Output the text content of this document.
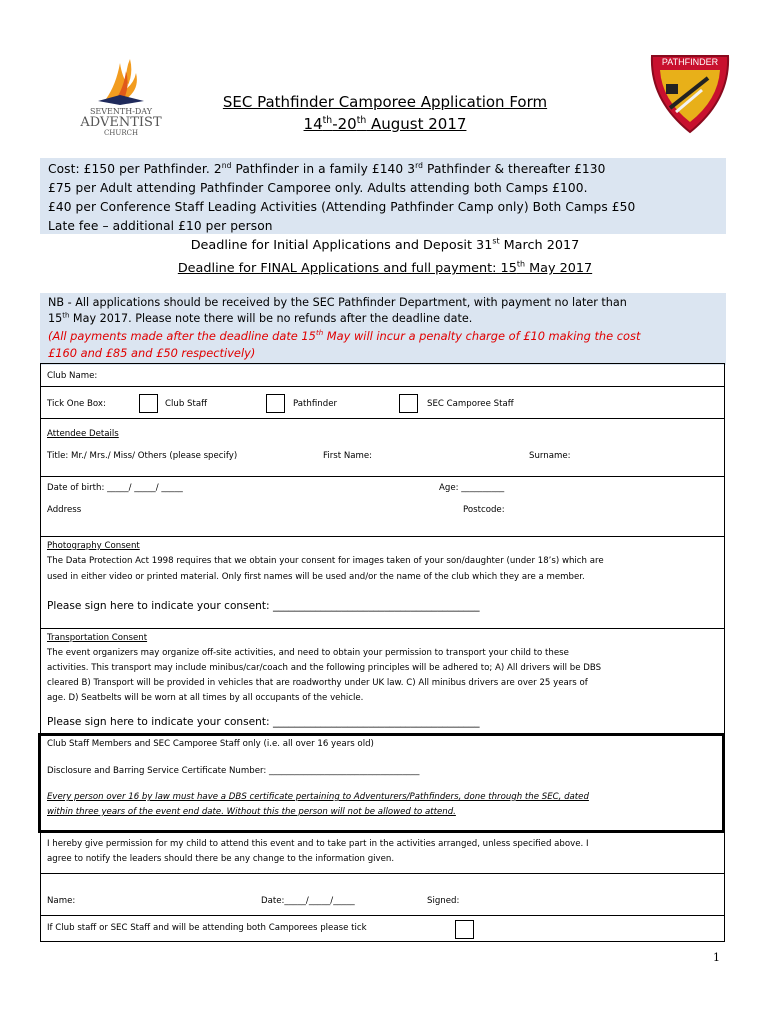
SEVENTH-DAY
ADVENTIST
CHURCH
PATHFINDER
SEC Pathfinder Camporee Application Form
14th-20th August 2017
Cost: £150 per Pathfinder. 2nd Pathfinder in a family £140 3rd Pathfinder & thereafter £130
£75 per Adult attending Pathfinder Camporee only. Adults attending both Camps £100.
£40 per Conference Staff Leading Activities (Attending Pathfinder Camp only) Both Camps £50
Late fee – additional £10 per person
Deadline for Initial Applications and Deposit 31st March 2017
Deadline for FINAL Applications and full payment: 15th May 2017
NB - All applications should be received by the SEC Pathfinder Department, with payment no later than
15th May 2017. Please note there will be no refunds after the deadline date.
(All payments made after the deadline date 15th May will incur a penalty charge of £10 making the cost
£160 and £85 and £50 respectively)
Club Name:
Tick One Box:	Club Staff	Pathfinder	SEC Camporee Staff
Attendee Details
Title: Mr./ Mrs./ Miss/ Others (please specify)	First Name:	Surname:
Date of birth: _____/ _____/ _____	Age: __________
Address	Postcode:
Photography Consent
The Data Protection Act 1998 requires that we obtain your consent for images taken of your son/daughter (under 18’s) which are
used in either video or printed material. Only first names will be used and/or the name of the club which they are a member.
Please sign here to indicate your consent: _______________________________________
Transportation Consent
The event organizers may organize off-site activities, and need to obtain your permission to transport your child to these
activities. This transport may include minibus/car/coach and the following principles will be adhered to; A) All drivers will be DBS
cleared B) Transport will be provided in vehicles that are roadworthy under UK law. C) All minibus drivers are over 25 years of
age. D) Seatbelts will be worn at all times by all occupants of the vehicle.
Please sign here to indicate your consent: _______________________________________
Club Staff Members and SEC Camporee Staff only (i.e. all over 16 years old)
Disclosure and Barring Service Certificate Number: ___________________________________
Every person over 16 by law must have a DBS certificate pertaining to Adventurers/Pathfinders, done through the SEC, dated
within three years of the event end date. Without this the person will not be allowed to attend.
I hereby give permission for my child to attend this event and to take part in the activities arranged, unless specified above. I
agree to notify the leaders should there be any change to the information given.
Name:	Date:_____/_____/_____	Signed:
If Club staff or SEC Staff and will be attending both Camporees please tick
1
